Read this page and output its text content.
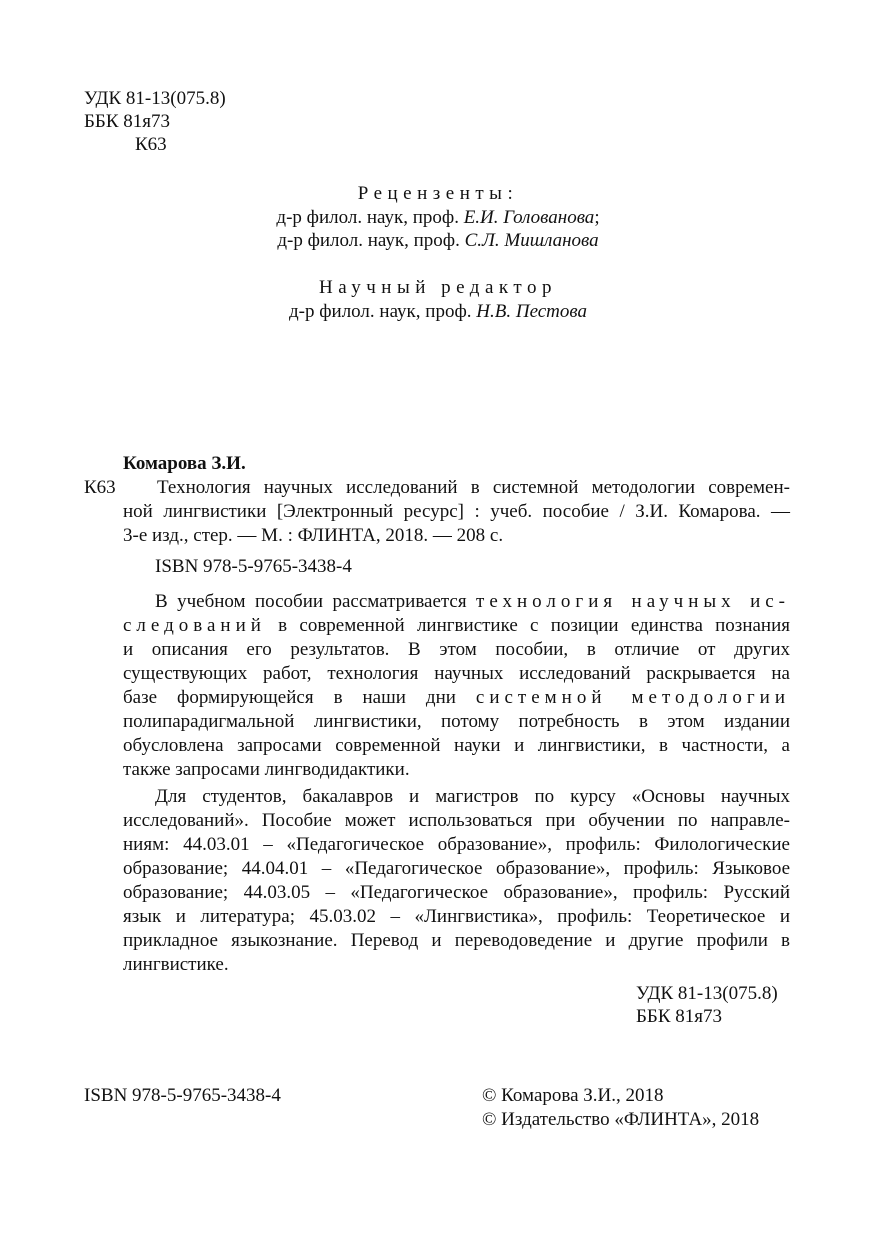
УДК 81-13(075.8)
ББК 81я73
К63
Рецензенты:
д-р филол. наук, проф. Е.И. Голованова;
д-р филол. наук, проф. С.Л. Мишланова
Научный редактор
д-р филол. наук, проф. Н.В. Пестова
Комарова З.И.
К63	Технология научных исследований в системной методологии современ-
ной лингвистики [Электронный ресурс] : учеб. пособие / З.И. Комарова. —
3-е изд., стер. — М. : ФЛИНТА, 2018. — 208 с.
ISBN 978-5-9765-3438-4
В учебном пособии рассматривается технология научных ис-
следований в современной лингвистике с позиции единства познания
и описания его результатов. В этом пособии, в отличие от других
существующих работ, технология научных исследований раскрывается на
базе формирующейся в наши дни системной методологии
полипарадигмальной лингвистики, потому потребность в этом издании
обусловлена запросами современной науки и лингвистики, в частности, а
также запросами лингводидактики.
Для студентов, бакалавров и магистров по курсу «Основы научных
исследований». Пособие может использоваться при обучении по направле-
ниям: 44.03.01 – «Педагогическое образование», профиль: Филологические
образование; 44.04.01 – «Педагогическое образование», профиль: Языковое
образование; 44.03.05 – «Педагогическое образование», профиль: Русский
язык и литература; 45.03.02 – «Лингвистика», профиль: Теоретическое и
прикладное языкознание. Перевод и переводоведение и другие профили в
лингвистике.
УДК 81-13(075.8)
ББК 81я73
ISBN 978-5-9765-3438-4	© Комарова З.И., 2018
© Издательство «ФЛИНТА», 2018
